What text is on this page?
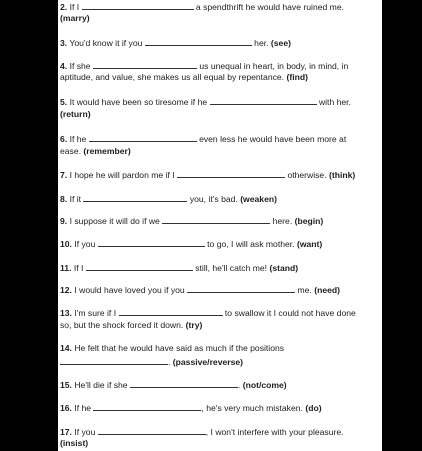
2. If I	a spendthrift he would have ruined me.
(marry)
3. You'd know it if you	her. (see)
4. If she	us unequal in heart, in body, in mind, in
aptitude, and value, she makes us all equal by repentance. (find)
5. It would have been so tiresome if he	with her.
(return)
6. If he	even less he would have been more at
ease. (remember)
7. I hope he will pardon me if I	otherwise. (think)
8. If it	you, it's bad. (weaken)
9. I suppose it will do if we	here. (begin)
10. If you	to go, I will ask mother. (want)
11. If I	still, he'll catch me! (stand)
12. I would have loved you if you	me. (need)
13. I'm sure if I	to swallow it I could not have done
so, but the shock forced it down. (try)
14. He felt that he would have said as much if the positions
. (passive/reverse)
15. He'll die if she	. (not/come)
16. If he	, he's very much mistaken. (do)
17. If you	, I won't interfere with your pleasure.
(insist)
